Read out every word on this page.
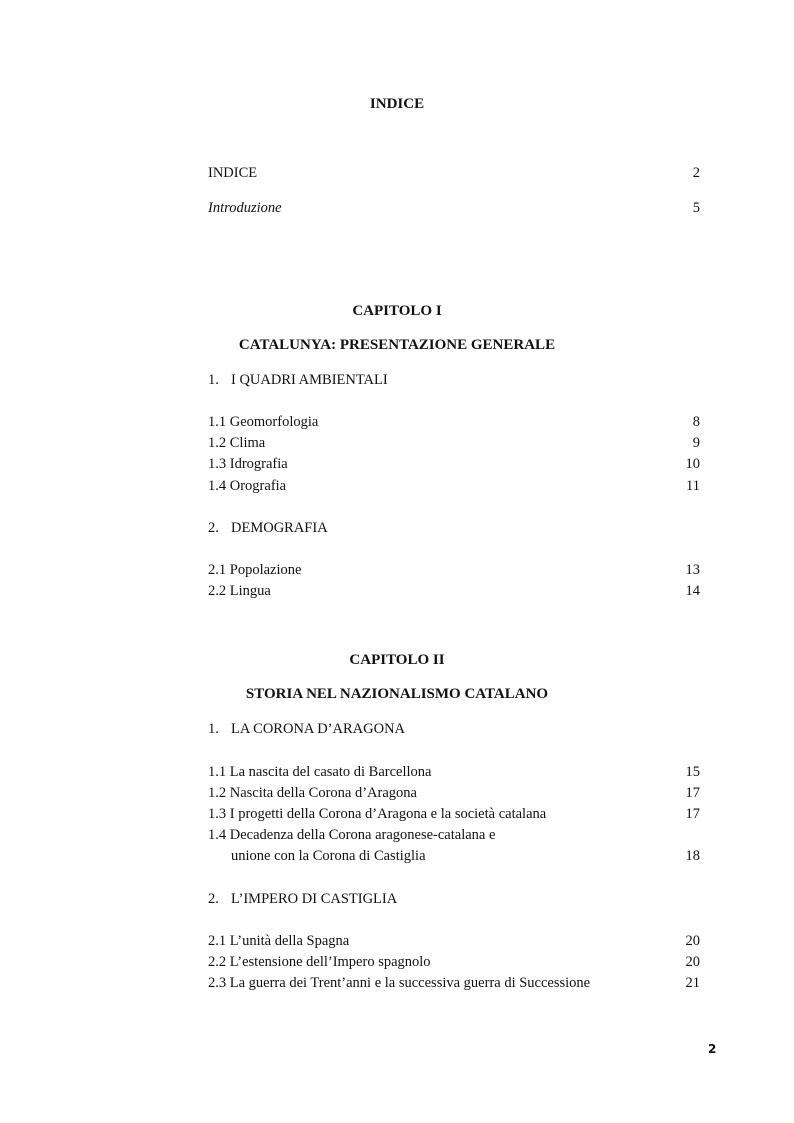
INDICE
INDICE	2
Introduzione	5
CAPITOLO I
CATALUNYA: PRESENTAZIONE GENERALE
1. I QUADRI AMBIENTALI
1.1 Geomorfologia	8
1.2 Clima	9
1.3 Idrografia	10
1.4 Orografia	11
2. DEMOGRAFIA
2.1 Popolazione	13
2.2 Lingua	14
CAPITOLO II
STORIA NEL NAZIONALISMO CATALANO
1. LA CORONA D’ARAGONA
1.1 La nascita del casato di Barcellona	15
1.2 Nascita della Corona d’Aragona	17
1.3 I progetti della Corona d’Aragona e la società catalana	17
1.4 Decadenza della Corona aragonese-catalana e
unione con la Corona di Castiglia	18
2. L’IMPERO DI CASTIGLIA
2.1 L’unità della Spagna	20
2.2 L’estensione dell’Impero spagnolo	20
2.3 La guerra dei Trent’anni e la successiva guerra di Successione	21
2
